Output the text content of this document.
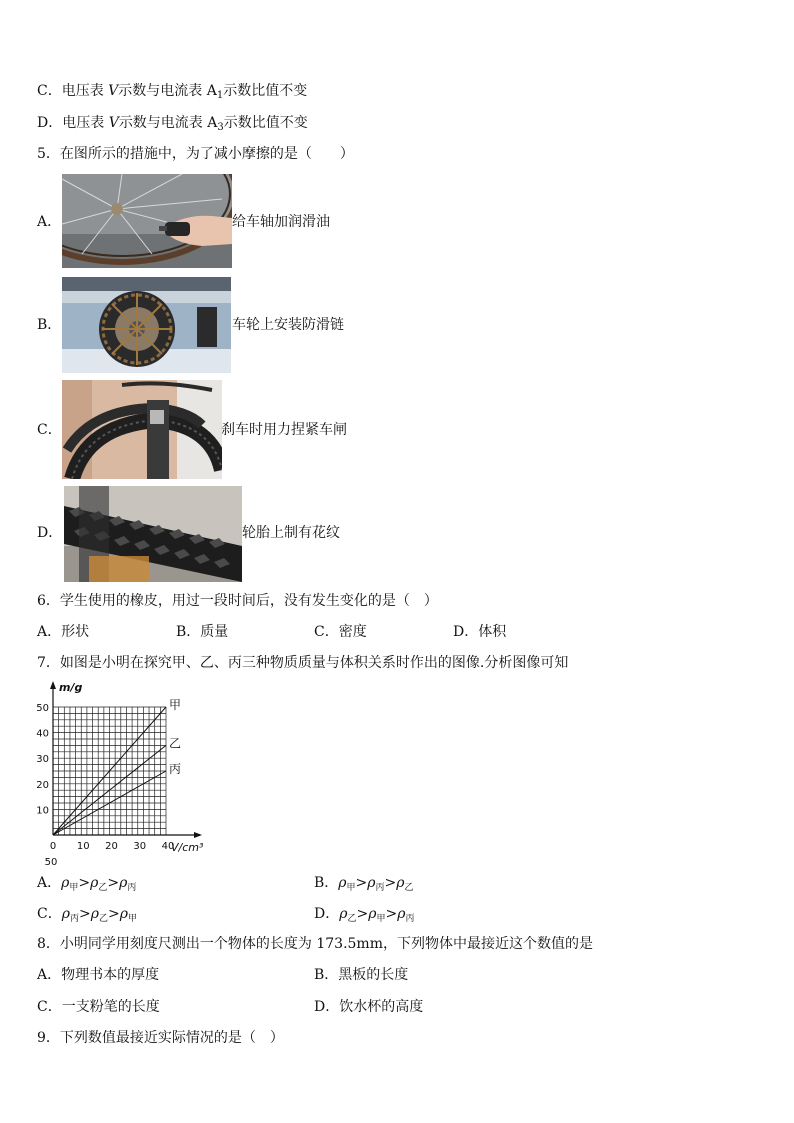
C．电压表 V示数与电流表 $A_1$示数比值不变
D．电压表 V示数与电流表 $A_3$示数比值不变
5．在图所示的措施中，为了减小摩擦的是（　　）
A．	给车轴加润滑油
B．	车轮上安装防滑链
C．	刹车时用力捏紧车闸
D．	轮胎上制有花纹
6．学生使用的橡皮，用过一段时间后，没有发生变化的是（　）
A．形状	B．质量	C．密度	D．体积
7．如图是小明在探究甲、乙、丙三种物质质量与体积关系时作出的图像.分析图像可知
甲
乙
丙
10
20
30
40
50
0 10 20 30 40
50
m/g
V/cm³
A．$\rho_甲>\rho_乙>\rho_丙$	B．$\rho_甲>\rho_丙>\rho_乙$
C．$\rho_丙>\rho_乙>\rho_甲$	D．$\rho_乙>\rho_甲>\rho_丙$
8．小明同学用刻度尺测出一个物体的长度为 173.5mm，下列物体中最接近这个数值的是
A．物理书本的厚度	B．黑板的长度
C．一支粉笔的长度	D．饮水杯的高度
9．下列数值最接近实际情况的是（　）
